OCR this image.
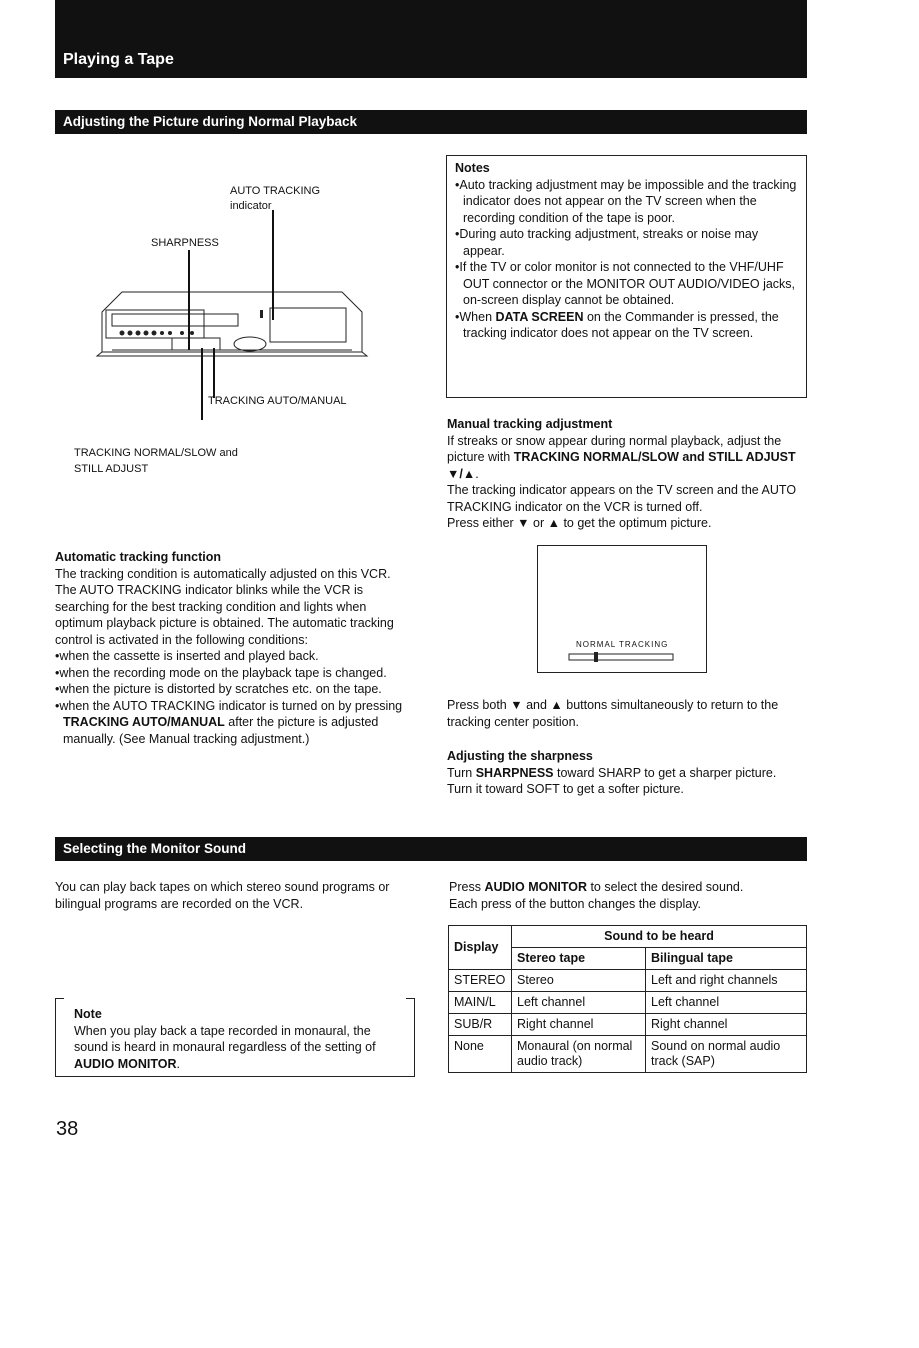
Playing a Tape
Adjusting the Picture during Normal Playback
AUTO TRACKING
indicator
SHARPNESS
TRACKING AUTO/MANUAL
TRACKING NORMAL/SLOW and
STILL ADJUST

Notes

•Auto tracking adjustment may be impossible and the tracking indicator does not appear on the TV screen when the recording condition of the tape is poor.

•During auto tracking adjustment, streaks or noise may appear.

•If the TV or color monitor is not connected to the VHF/UHF OUT connector or the MONITOR OUT AUDIO/VIDEO jacks, on-screen display cannot be obtained.

•When DATA SCREEN on the Commander is pressed, the tracking indicator does not appear on the TV screen.

Manual tracking adjustment

If streaks or snow appear during normal playback, adjust the picture with TRACKING NORMAL/SLOW and STILL ADJUST ▼/▲.

The tracking indicator appears on the TV screen and the AUTO TRACKING indicator on the VCR is turned off.

Press either ▼ or ▲ to get the optimum picture.

NORMAL TRACKING
Press both ▼ and ▲ buttons simultaneously to return to the tracking center position.

Adjusting the sharpness

Turn SHARPNESS toward SHARP to get a sharper picture.

Turn it toward SOFT to get a softer picture.

Automatic tracking function

The tracking condition is automatically adjusted on this VCR. The AUTO TRACKING indicator blinks while the VCR is searching for the best tracking condition and lights when optimum playback picture is obtained. The automatic tracking control is activated in the following conditions:

•when the cassette is inserted and played back.

•when the recording mode on the playback tape is changed.

•when the picture is distorted by scratches etc. on the tape.

•when the AUTO TRACKING indicator is turned on by pressing TRACKING AUTO/MANUAL after the picture is adjusted manually. (See Manual tracking adjustment.)

Selecting the Monitor Sound
You can play back tapes on which stereo sound programs or bilingual programs are recorded on the VCR.

Note

When you play back a tape recorded in monaural, the sound is heard in monaural regardless of the setting of AUDIO MONITOR.

Press AUDIO MONITOR to select the desired sound.

Each press of the button changes the display.

Display	Sound to be heard	
	Stereo tape	Bilingual tape
STEREO	Stereo	Left and right channels
MAIN/L	Left channel	Left channel
SUB/R	Right channel	Right channel
None	Monaural (on normal audio track)	Sound on normal audio track (SAP)
38
